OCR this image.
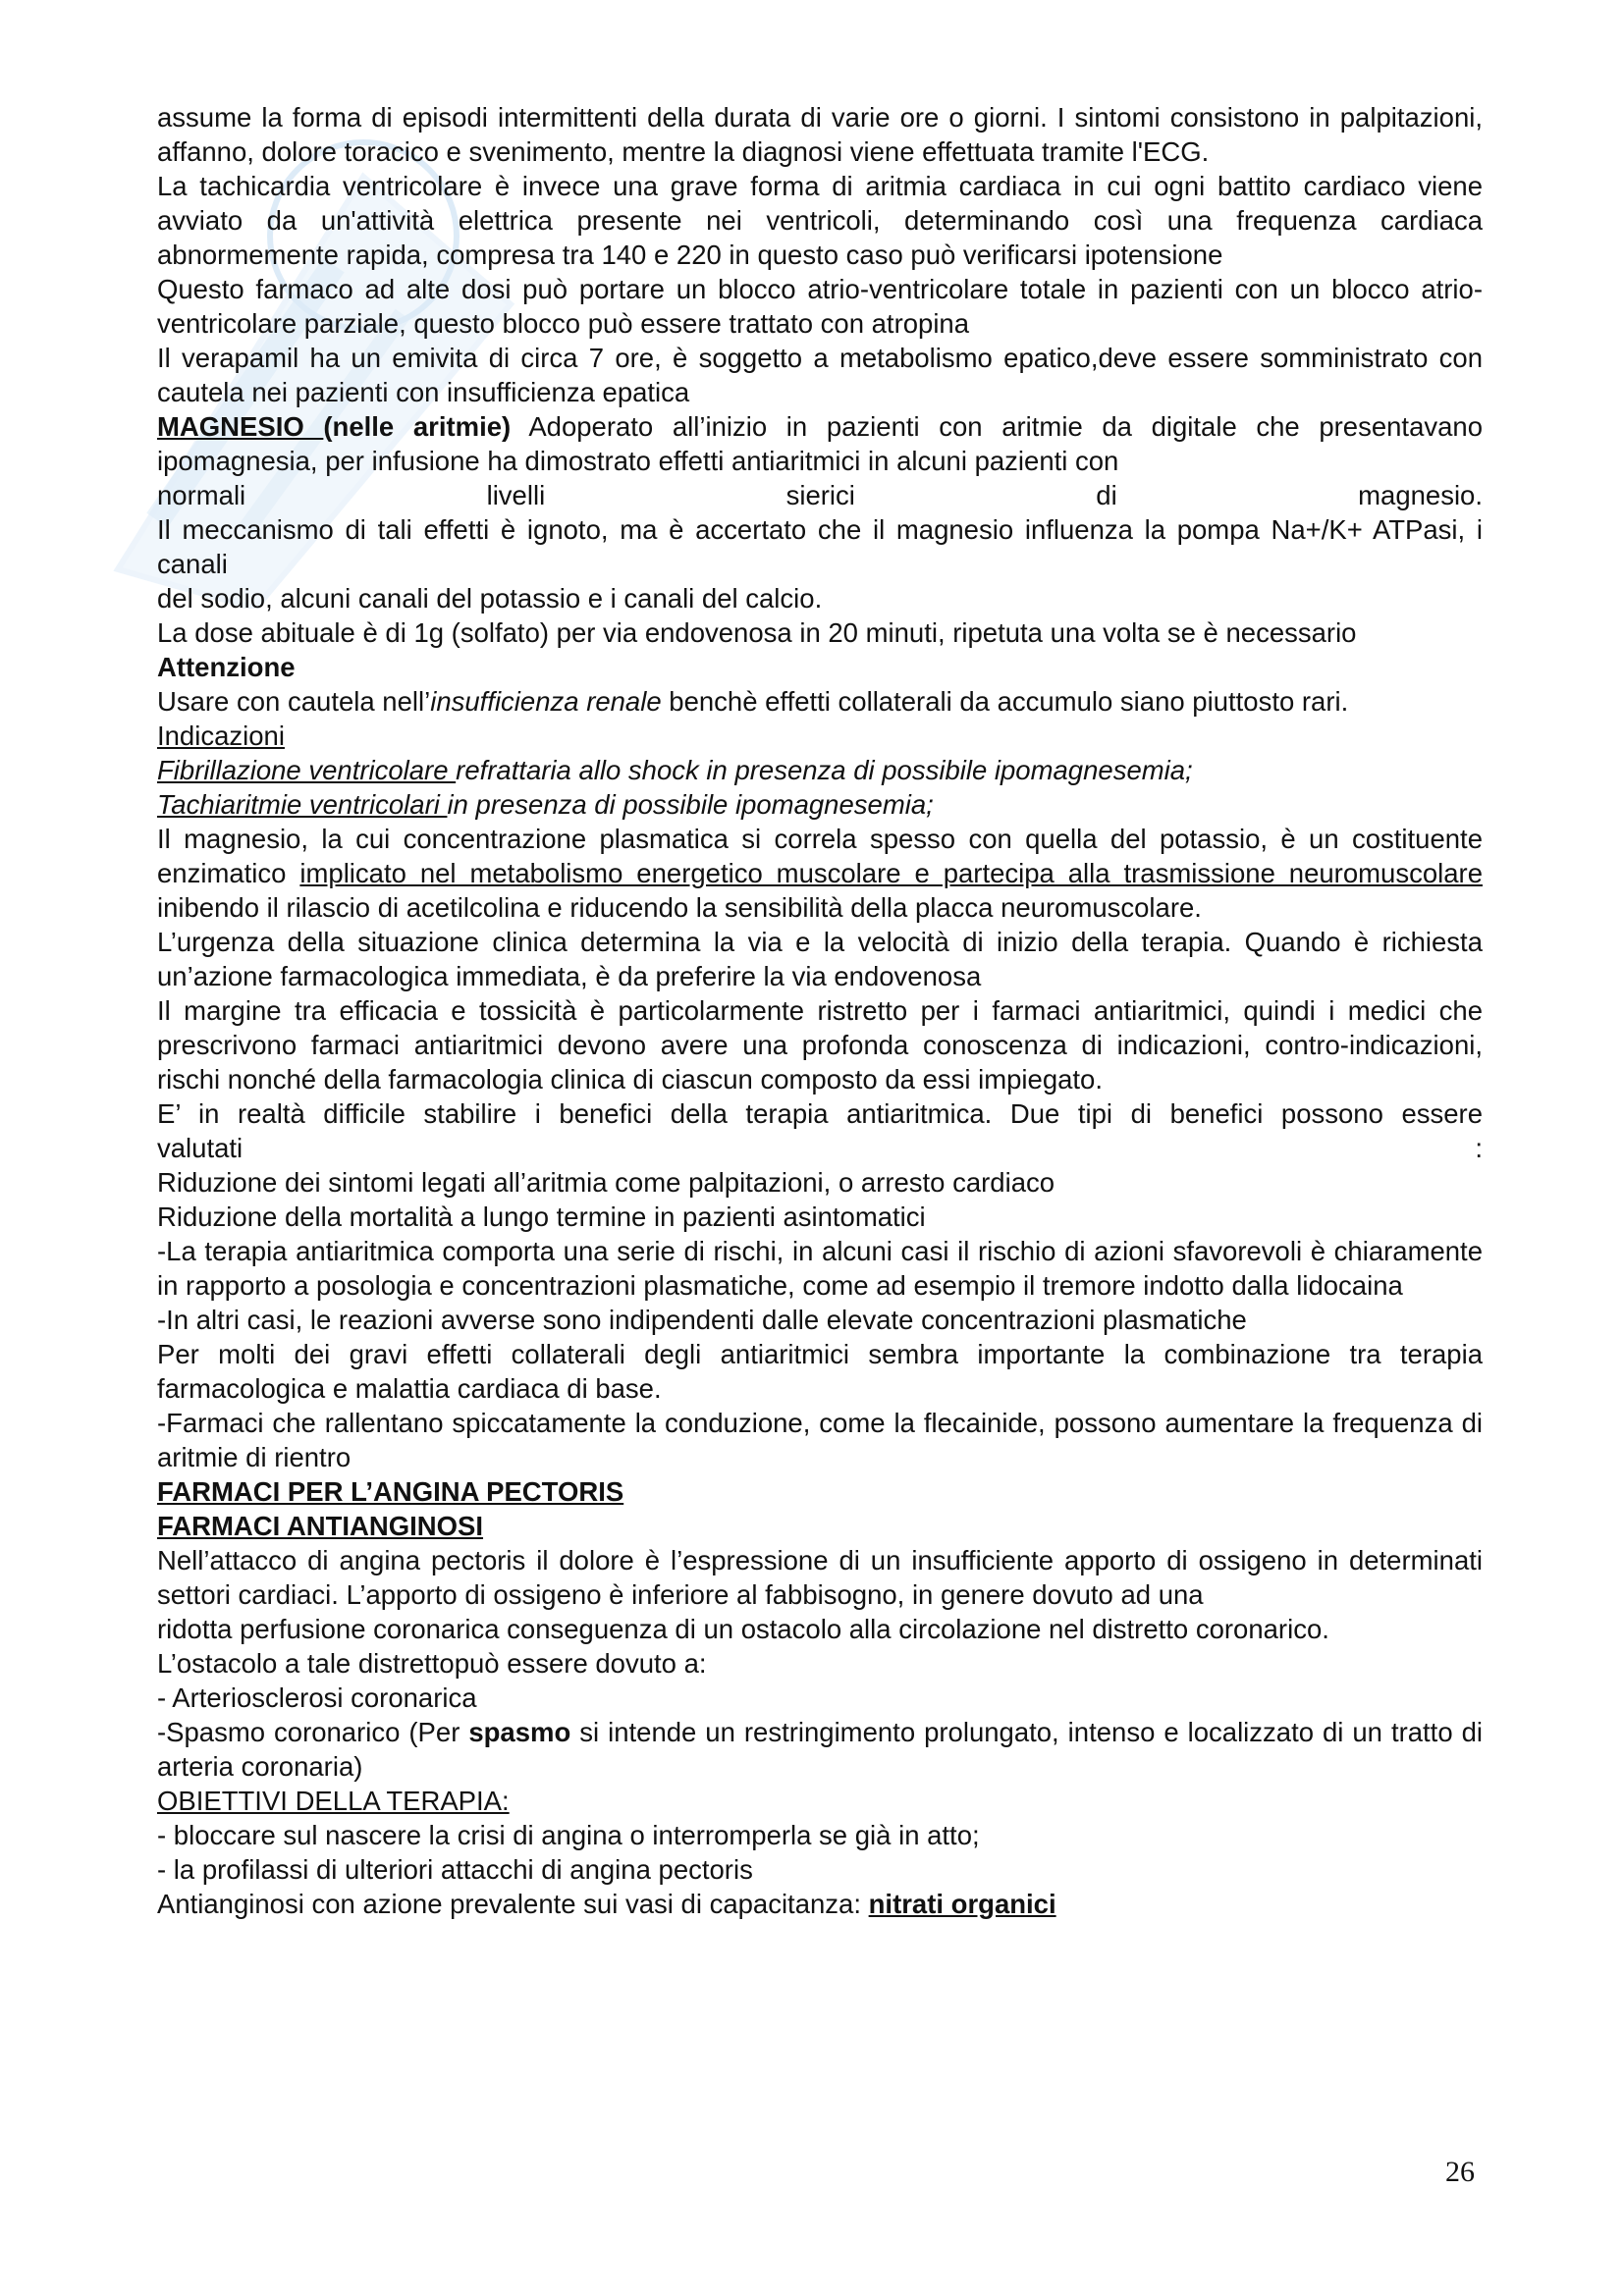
assume la forma di episodi intermittenti della durata di varie ore o giorni. I sintomi consistono in palpitazioni, affanno, dolore toracico e svenimento, mentre la diagnosi viene effettuata tramite l'ECG.

La tachicardia ventricolare è invece una grave forma di aritmia cardiaca in cui ogni battito cardiaco viene avviato da un'attività elettrica presente nei ventricoli, determinando così una frequenza cardiaca abnormemente rapida, compresa tra 140 e 220 in questo caso può verificarsi ipotensione

Questo farmaco ad alte dosi può portare un blocco atrio-ventricolare totale in pazienti con un blocco atrio-ventricolare parziale, questo blocco può essere trattato con atropina

Il verapamil ha un emivita di circa 7 ore, è soggetto a metabolismo epatico,deve essere somministrato con cautela nei pazienti con insufficienza epatica

MAGNESIO (nelle aritmie) Adoperato all’inizio in pazienti con aritmie da digitale che presentavano ipomagnesia, per infusione ha dimostrato effetti antiaritmici in alcuni pazienti con

normali livelli sierici di magnesio.

Il meccanismo di tali effetti è ignoto, ma è accertato che il magnesio influenza la pompa Na+/K+ ATPasi, i canali

del sodio, alcuni canali del potassio e i canali del calcio.

La dose abituale è di 1g (solfato) per via endovenosa in 20 minuti, ripetuta una volta se è necessario

Attenzione

Usare con cautela nell’insufficienza renale benchè effetti collaterali da accumulo siano piuttosto rari.

Indicazioni

Fibrillazione ventricolare refrattaria allo shock in presenza di possibile ipomagnesemia;

Tachiaritmie ventricolari in presenza di possibile ipomagnesemia;

Il magnesio, la cui concentrazione plasmatica si correla spesso con quella del potassio, è un costituente enzimatico implicato nel metabolismo energetico muscolare e partecipa alla trasmissione neuromuscolare inibendo il rilascio di acetilcolina e riducendo la sensibilità della placca neuromuscolare.

L’urgenza della situazione clinica determina la via e la velocità di inizio della terapia. Quando è richiesta un’azione farmacologica immediata, è da preferire la via endovenosa

Il margine tra efficacia e tossicità è particolarmente ristretto per i farmaci antiaritmici, quindi i medici che prescrivono farmaci antiaritmici devono avere una profonda conoscenza di indicazioni, contro-indicazioni, rischi nonché della farmacologia clinica di ciascun composto da essi impiegato.

E’ in realtà difficile stabilire i benefici della terapia antiaritmica. Due tipi di benefici possono essere

valutati :

Riduzione dei sintomi legati all’aritmia come palpitazioni, o arresto cardiaco

Riduzione della mortalità a lungo termine in pazienti asintomatici

-La terapia antiaritmica comporta una serie di rischi, in alcuni casi il rischio di azioni sfavorevoli è chiaramente in rapporto a posologia e concentrazioni plasmatiche, come ad esempio il tremore indotto dalla lidocaina

-In altri casi, le reazioni avverse sono indipendenti dalle elevate concentrazioni plasmatiche

Per molti dei gravi effetti collaterali degli antiaritmici sembra importante la combinazione tra terapia farmacologica e malattia cardiaca di base.

-Farmaci che rallentano spiccatamente la conduzione, come la flecainide, possono aumentare la frequenza di aritmie di rientro

FARMACI PER L’ANGINA PECTORIS

FARMACI ANTIANGINOSI

Nell’attacco di angina pectoris il dolore è l’espressione di un insufficiente apporto di ossigeno in determinati settori cardiaci. L’apporto di ossigeno è inferiore al fabbisogno, in genere dovuto ad una

ridotta perfusione coronarica conseguenza di un ostacolo alla circolazione nel distretto coronarico.

L’ostacolo a tale distrettopuò essere dovuto a:

- Arteriosclerosi coronarica

-Spasmo coronarico (Per spasmo si intende un restringimento prolungato, intenso e localizzato di un tratto di arteria coronaria)

OBIETTIVI DELLA TERAPIA:

- bloccare sul nascere la crisi di angina o interromperla se già in atto;

- la profilassi di ulteriori attacchi di angina pectoris

Antianginosi con azione prevalente sui vasi di capacitanza: nitrati organici

26
